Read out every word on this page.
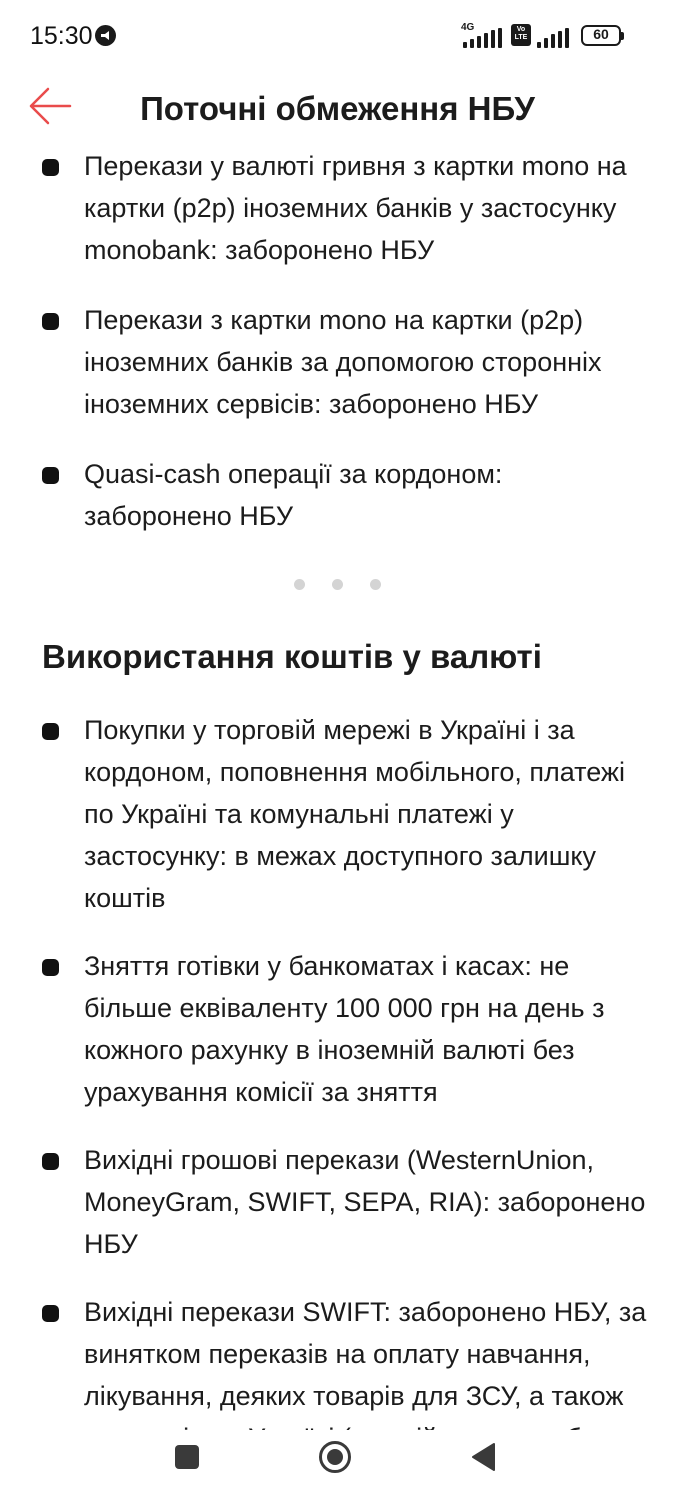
15:30	4G	Vo
LTE	60
Поточні обмеження НБУ
Перекази у валюті гривня з картки mono на картки (p2p) іноземних банків у застосунку monobank: заборонено НБУ
Перекази з картки mono на картки (p2p) іноземних банків за допомогою сторонніх іноземних сервісів: заборонено НБУ
Quasi-cash операції за кордоном: заборонено НБУ
Використання коштів у валюті
Покупки у торговій мережі в Україні і за кордоном, поповнення мобільного, платежі по Україні та комунальні платежі у застосунку: в межах доступного залишку коштів
Зняття готівки у банкоматах і касах: не більше еквіваленту 100 000 грн на день з кожного рахунку в іноземній валюті без урахування комісії за зняття
Вихідні грошові перекази (WesternUnion, MoneyGram, SWIFT, SEPA, RIA): заборонено НБУ
Вихідні перекази SWIFT: заборонено НБУ, за винятком переказів на оплату навчання, лікування, деяких товарів для ЗСУ, а також
